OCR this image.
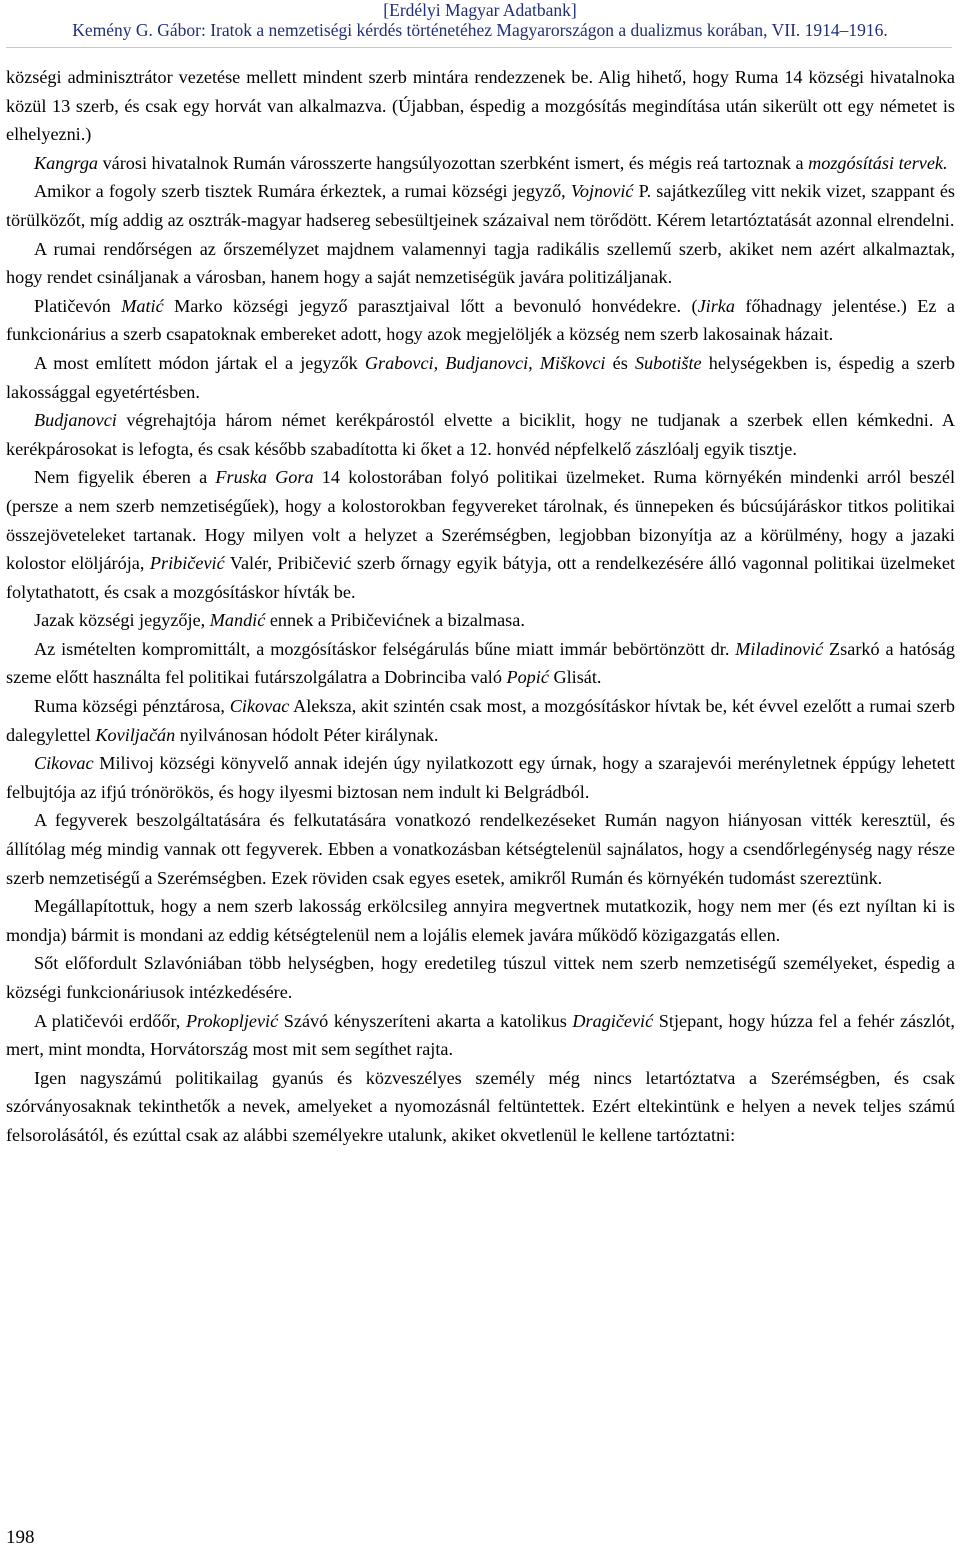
[Erdélyi Magyar Adatbank]
Kemény G. Gábor: Iratok a nemzetiségi kérdés történetéhez Magyarországon a dualizmus korában, VII. 1914–1916.

községi adminisztrátor vezetése mellett mindent szerb mintára rendezzenek be. Alig hihető, hogy Ruma 14 községi hivatalnoka közül 13 szerb, és csak egy horvát van alkalmazva. (Újabban, éspedig a mozgósítás megindítása után sikerült ott egy németet is elhelyezni.)

Kangrga városi hivatalnok Rumán városszerte hangsúlyozottan szerbként ismert, és mégis reá tartoznak a mozgósítási tervek.

Amikor a fogoly szerb tisztek Rumára érkeztek, a rumai községi jegyző, Vojnović P. sajátkezűleg vitt nekik vizet, szappant és törülközőt, míg addig az osztrák-magyar hadsereg sebesültjeinek százaival nem törődött. Kérem letartóztatását azonnal elrendelni.

A rumai rendőrségen az őrszemélyzet majdnem valamennyi tagja radikális szellemű szerb, akiket nem azért alkalmaztak, hogy rendet csináljanak a városban, hanem hogy a saját nemzetiségük javára politizáljanak.

Platičevón Matić Marko községi jegyző parasztjaival lőtt a bevonuló honvédekre. (Jirka főhadnagy jelentése.) Ez a funkcionárius a szerb csapatoknak embereket adott, hogy azok megjelöljék a község nem szerb lakosainak házait.

A most említett módon jártak el a jegyzők Grabovci, Budjanovci, Miškovci és Subotište helységekben is, éspedig a szerb lakossággal egyetértésben.

Budjanovci végrehajtója három német kerékpárostól elvette a biciklit, hogy ne tudjanak a szerbek ellen kémkedni. A kerékpárosokat is lefogta, és csak később szabadította ki őket a 12. honvéd népfelkelő zászlóalj egyik tisztje.

Nem figyelik éberen a Fruska Gora 14 kolostorában folyó politikai üzelmeket. Ruma környékén mindenki arról beszél (persze a nem szerb nemzetiségűek), hogy a kolostorokban fegyvereket tárolnak, és ünnepeken és búcsújáráskor titkos politikai összejöveteleket tartanak. Hogy milyen volt a helyzet a Szerémségben, legjobban bizonyítja az a körülmény, hogy a jazaki kolostor elöljárója, Pribičević Valér, Pribičević szerb őrnagy egyik bátyja, ott a rendelkezésére álló vagonnal politikai üzelmeket folytathatott, és csak a mozgósításkor hívták be.

Jazak községi jegyzője, Mandić ennek a Pribičevićnek a bizalmasa.

Az ismételten kompromittált, a mozgósításkor felségárulás bűne miatt immár bebörtönzött dr. Miladinović Zsarkó a hatóság szeme előtt használta fel politikai futárszolgálatra a Dobrinciba való Popić Glisát.

Ruma községi pénztárosa, Cikovac Aleksza, akit szintén csak most, a mozgósításkor hívtak be, két évvel ezelőtt a rumai szerb dalegylettel Koviljačán nyilvánosan hódolt Péter királynak.

Cikovac Milivoj községi könyvelő annak idején úgy nyilatkozott egy úrnak, hogy a szarajevói merényletnek éppúgy lehetett felbujtója az ifjú trónörökös, és hogy ilyesmi biztosan nem indult ki Belgrádból.

A fegyverek beszolgáltatására és felkutatására vonatkozó rendelkezéseket Rumán nagyon hiányosan vitték keresztül, és állítólag még mindig vannak ott fegyverek. Ebben a vonatkozásban kétségtelenül sajnálatos, hogy a csendőrlegénység nagy része szerb nemzetiségű a Szerémségben. Ezek röviden csak egyes esetek, amikről Rumán és környékén tudomást szereztünk.

Megállapítottuk, hogy a nem szerb lakosság erkölcsileg annyira megvertnek mutatkozik, hogy nem mer (és ezt nyíltan ki is mondja) bármit is mondani az eddig kétségtelenül nem a lojális elemek javára működő közigazgatás ellen.

Sőt előfordult Szlavóniában több helységben, hogy eredetileg túszul vittek nem szerb nemzetiségű személyeket, éspedig a községi funkcionáriusok intézkedésére.

A platičevói erdőőr, Prokopljević Szávó kényszeríteni akarta a katolikus Dragičević Stjepant, hogy húzza fel a fehér zászlót, mert, mint mondta, Horvátország most mit sem segíthet rajta.

Igen nagyszámú politikailag gyanús és közveszélyes személy még nincs letartóztatva a Szerémségben, és csak szórványosaknak tekinthetők a nevek, amelyeket a nyomozásnál feltüntettek. Ezért eltekintünk e helyen a nevek teljes számú felsorolásától, és ezúttal csak az alábbi személyekre utalunk, akiket okvetlenül le kellene tartóztatni:

198
